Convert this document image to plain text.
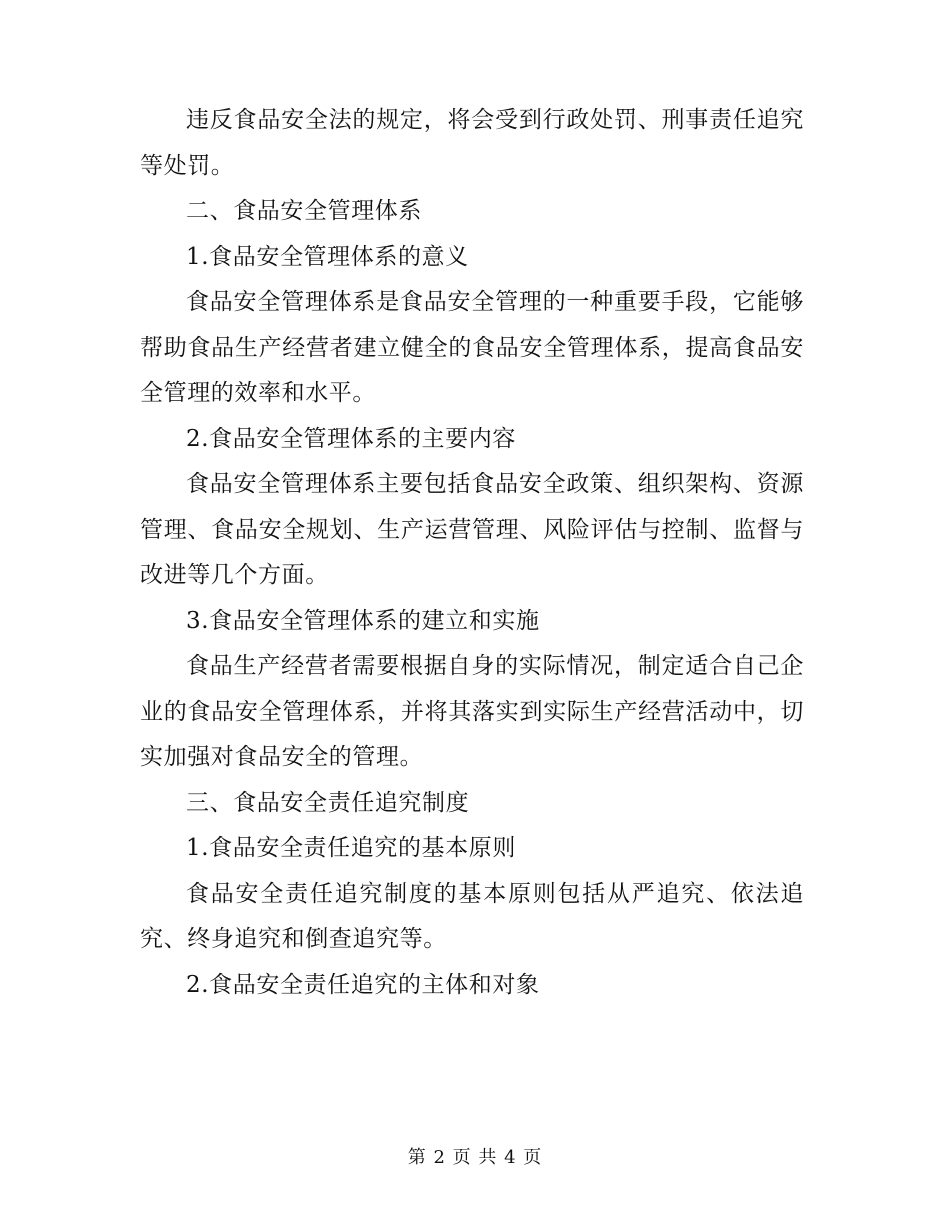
违反食品安全法的规定，将会受到行政处罚、刑事责任追究等处罚。

二、食品安全管理体系

1.食品安全管理体系的意义

食品安全管理体系是食品安全管理的一种重要手段，它能够帮助食品生产经营者建立健全的食品安全管理体系，提高食品安全管理的效率和水平。

2.食品安全管理体系的主要内容

食品安全管理体系主要包括食品安全政策、组织架构、资源管理、食品安全规划、生产运营管理、风险评估与控制、监督与改进等几个方面。

3.食品安全管理体系的建立和实施

食品生产经营者需要根据自身的实际情况，制定适合自己企业的食品安全管理体系，并将其落实到实际生产经营活动中，切实加强对食品安全的管理。

三、食品安全责任追究制度

1.食品安全责任追究的基本原则

食品安全责任追究制度的基本原则包括从严追究、依法追究、终身追究和倒查追究等。

2.食品安全责任追究的主体和对象

第 2 页 共 4 页
